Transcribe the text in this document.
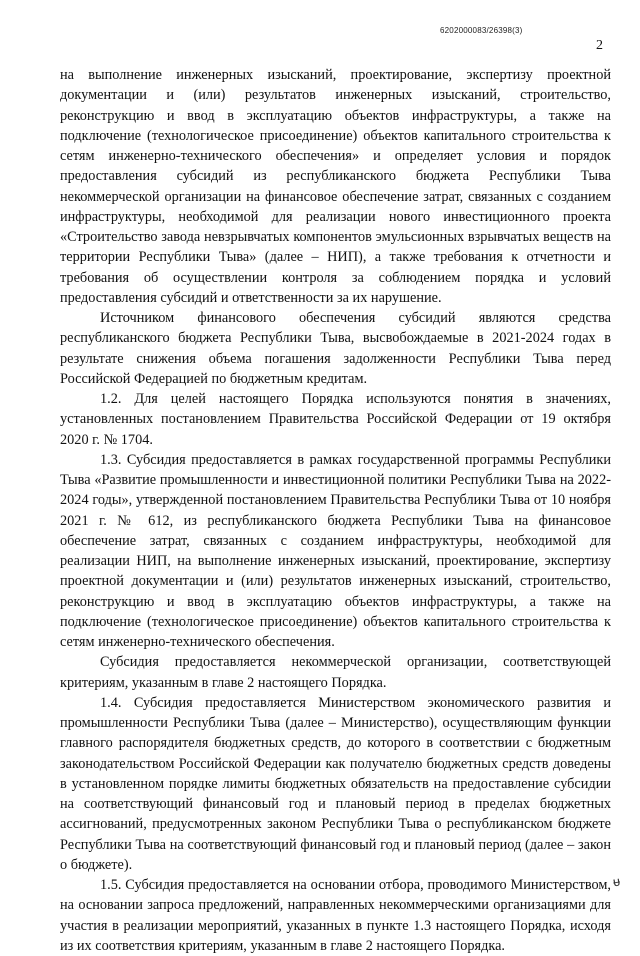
6202000083/26398(3)
2

на выполнение инженерных изысканий, проектирование, экспертизу проектной документации и (или) результатов инженерных изысканий, строительство, реконструкцию и ввод в эксплуатацию объектов инфраструктуры, а также на подключение (технологическое присоединение) объектов капитального строительства к сетям инженерно-технического обеспечения» и определяет условия и порядок предоставления субсидий из республиканского бюджета Республики Тыва некоммерческой организации на финансовое обеспечение затрат, связанных с созданием инфраструктуры, необходимой для реализации нового инвестиционного проекта «Строительство завода невзрывчатых компонентов эмульсионных взрывчатых веществ на территории Республики Тыва» (далее – НИП), а также требования к отчетности и требования об осуществлении контроля за соблюдением порядка и условий предоставления субсидий и ответственности за их нарушение.

Источником финансового обеспечения субсидий являются средства республиканского бюджета Республики Тыва, высвобождаемые в 2021-2024 годах в результате снижения объема погашения задолженности Республики Тыва перед Российской Федерацией по бюджетным кредитам.

1.2. Для целей настоящего Порядка используются понятия в значениях, установленных постановлением Правительства Российской Федерации от 19 октября 2020 г. № 1704.

1.3. Субсидия предоставляется в рамках государственной программы Республики Тыва «Развитие промышленности и инвестиционной политики Республики Тыва на 2022-2024 годы», утвержденной постановлением Правительства Республики Тыва от 10 ноября 2021 г. № 612, из республиканского бюджета Республики Тыва на финансовое обеспечение затрат, связанных с созданием инфраструктуры, необходимой для реализации НИП, на выполнение инженерных изысканий, проектирование, экспертизу проектной документации и (или) результатов инженерных изысканий, строительство, реконструкцию и ввод в эксплуатацию объектов инфраструктуры, а также на подключение (технологическое присоединение) объектов капитального строительства к сетям инженерно-технического обеспечения.

Субсидия предоставляется некоммерческой организации, соответствующей критериям, указанным в главе 2 настоящего Порядка.

1.4. Субсидия предоставляется Министерством экономического развития и промышленности Республики Тыва (далее – Министерство), осуществляющим функции главного распорядителя бюджетных средств, до которого в соответствии с бюджетным законодательством Российской Федерации как получателю бюджетных средств доведены в установленном порядке лимиты бюджетных обязательств на предоставление субсидии на соответствующий финансовый год и плановый период в пределах бюджетных ассигнований, предусмотренных законом Республики Тыва о республиканском бюджете Республики Тыва на соответствующий финансовый год и плановый период (далее – закон о бюджете).

1.5. Субсидия предоставляется на основании отбора, проводимого Министерством, на основании запроса предложений, направленных некоммерческими организациями для участия в реализации мероприятий, указанных в пункте 1.3 настоящего Порядка, исходя из их соответствия критериям, указанным в главе 2 настоящего Порядка.

ᵾ
